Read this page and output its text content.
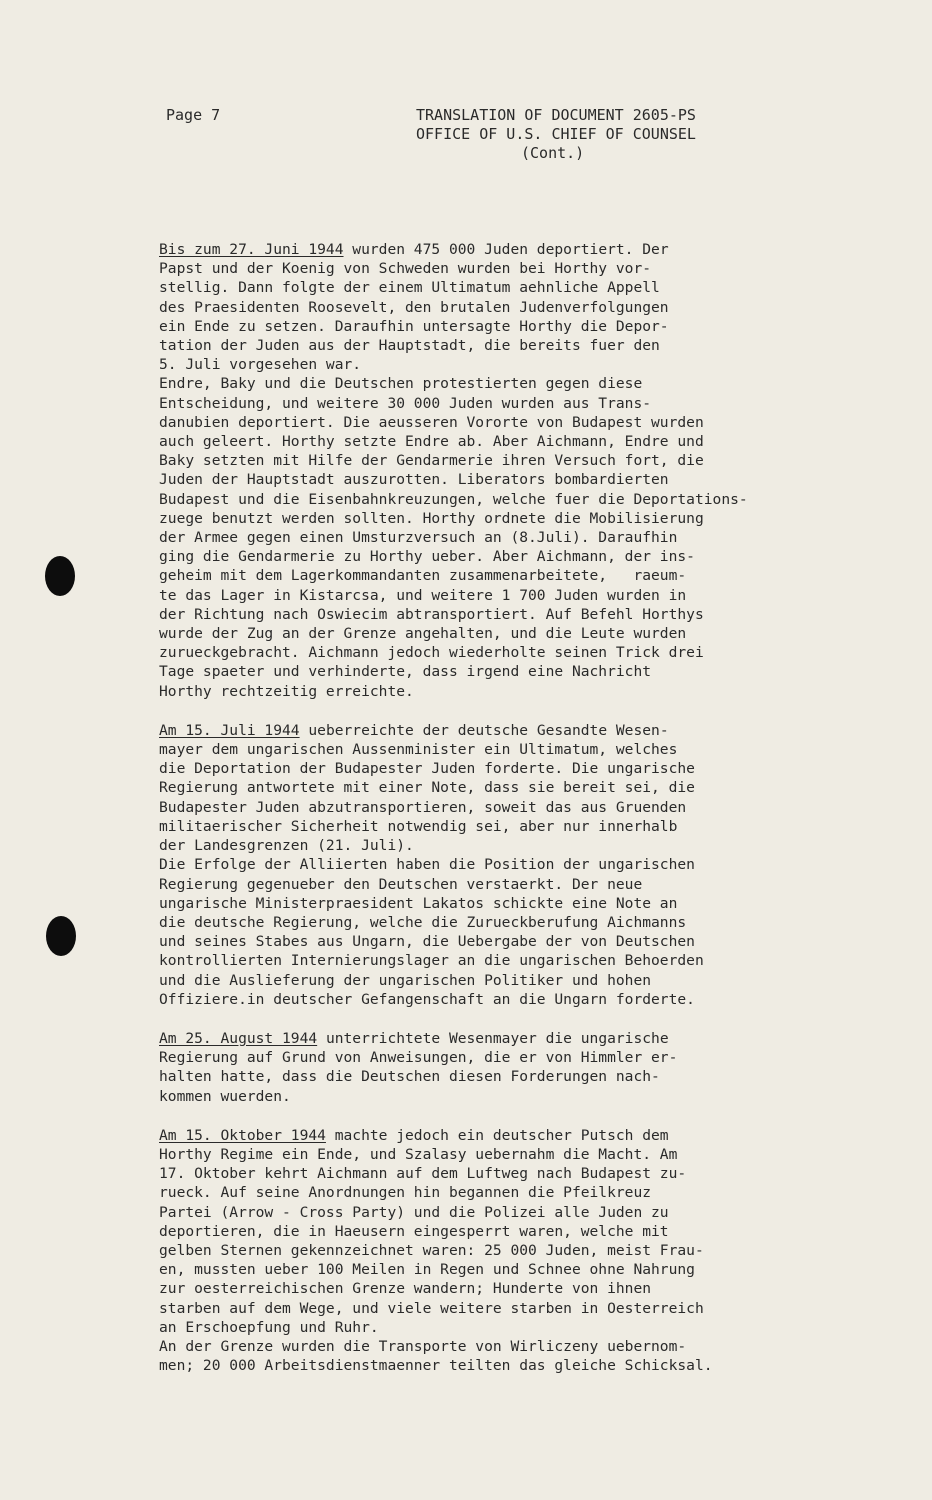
Page 7	TRANSLATION OF DOCUMENT 2605-PS
OFFICE OF U.S. CHIEF OF COUNSEL
(Cont.)
Bis zum 27. Juni 1944 wurden 475 000 Juden deportiert. Der
Papst und der Koenig von Schweden wurden bei Horthy vor-
stellig. Dann folgte der einem Ultimatum aehnliche Appell
des Praesidenten Roosevelt, den brutalen Judenverfolgungen
ein Ende zu setzen. Daraufhin untersagte Horthy die Depor-
tation der Juden aus der Hauptstadt, die bereits fuer den
5. Juli vorgesehen war.
Endre, Baky und die Deutschen protestierten gegen diese
Entscheidung, und weitere 30 000 Juden wurden aus Trans-
danubien deportiert. Die aeusseren Vororte von Budapest wurden
auch geleert. Horthy setzte Endre ab. Aber Aichmann, Endre und
Baky setzten mit Hilfe der Gendarmerie ihren Versuch fort, die
Juden der Hauptstadt auszurotten. Liberators bombardierten
Budapest und die Eisenbahnkreuzungen, welche fuer die Deportations-
zuege benutzt werden sollten. Horthy ordnete die Mobilisierung
der Armee gegen einen Umsturzversuch an (8.Juli). Daraufhin
ging die Gendarmerie zu Horthy ueber. Aber Aichmann, der ins-
geheim mit dem Lagerkommandanten zusammenarbeitete,   raeum-
te das Lager in Kistarcsa, und weitere 1 700 Juden wurden in
der Richtung nach Oswiecim abtransportiert. Auf Befehl Horthys
wurde der Zug an der Grenze angehalten, und die Leute wurden
zurueckgebracht. Aichmann jedoch wiederholte seinen Trick drei
Tage spaeter und verhinderte, dass irgend eine Nachricht
Horthy rechtzeitig erreichte.
Am 15. Juli 1944 ueberreichte der deutsche Gesandte Wesen-
mayer dem ungarischen Aussenminister ein Ultimatum, welches
die Deportation der Budapester Juden forderte. Die ungarische
Regierung antwortete mit einer Note, dass sie bereit sei, die
Budapester Juden abzutransportieren, soweit das aus Gruenden
militaerischer Sicherheit notwendig sei, aber nur innerhalb
der Landesgrenzen (21. Juli).
Die Erfolge der Alliierten haben die Position der ungarischen
Regierung gegenueber den Deutschen verstaerkt. Der neue
ungarische Ministerpraesident Lakatos schickte eine Note an
die deutsche Regierung, welche die Zurueckberufung Aichmanns
und seines Stabes aus Ungarn, die Uebergabe der von Deutschen
kontrollierten Internierungslager an die ungarischen Behoerden
und die Auslieferung der ungarischen Politiker und hohen
Offiziere.in deutscher Gefangenschaft an die Ungarn forderte.
Am 25. August 1944 unterrichtete Wesenmayer die ungarische
Regierung auf Grund von Anweisungen, die er von Himmler er-
halten hatte, dass die Deutschen diesen Forderungen nach-
kommen wuerden.
Am 15. Oktober 1944 machte jedoch ein deutscher Putsch dem
Horthy Regime ein Ende, und Szalasy uebernahm die Macht. Am
17. Oktober kehrt Aichmann auf dem Luftweg nach Budapest zu-
rueck. Auf seine Anordnungen hin begannen die Pfeilkreuz
Partei (Arrow - Cross Party) und die Polizei alle Juden zu
deportieren, die in Haeusern eingesperrt waren, welche mit
gelben Sternen gekennzeichnet waren: 25 000 Juden, meist Frau-
en, mussten ueber 100 Meilen in Regen und Schnee ohne Nahrung
zur oesterreichischen Grenze wandern; Hunderte von ihnen
starben auf dem Wege, und viele weitere starben in Oesterreich
an Erschoepfung und Ruhr.
An der Grenze wurden die Transporte von Wirliczeny uebernom-
men; 20 000 Arbeitsdienstmaenner teilten das gleiche Schicksal.
